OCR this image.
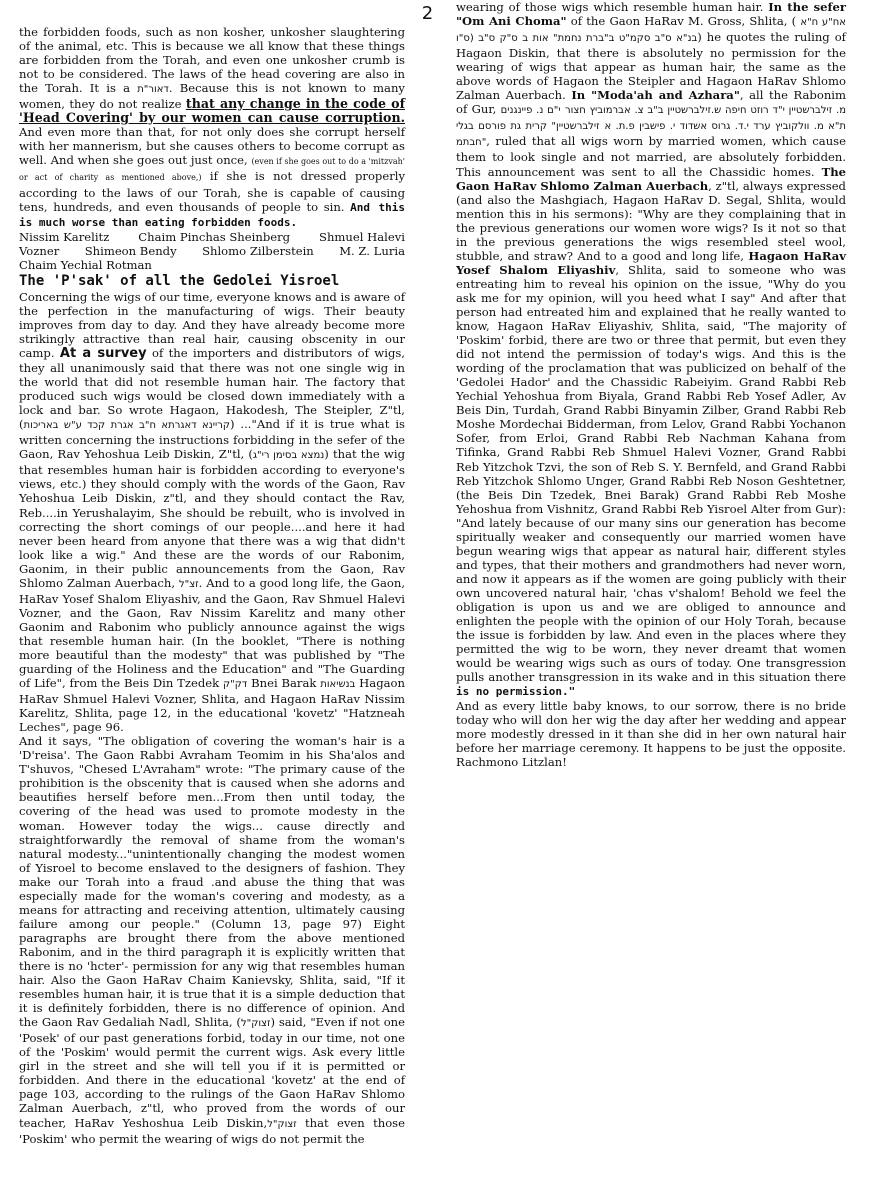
2

the forbidden foods, such as non kosher, unkosher slaughtering of the animal, etc. This is because we all know that these things are forbidden from the Torah, and even one unkosher crumb is not to be considered. The laws of the head covering are also in the Torah. It is a דאור"ת. Because this is not known to many women, they do not realize that any change in the code of 'Head Covering' by our women can cause corruption. And even more than that, for not only does she corrupt herself with her mannerism, but she causes others to become corrupt as well. And when she goes out just once, (even if she goes out to do a 'mitzvah' or act of charity as mentioned above,) if she is not dressed properly according to the laws of our Torah, she is capable of causing tens, hundreds, and even thousands of people to sin. And this is much worse than eating forbidden foods.

Nissim Karelitz Chaim Pinchas Sheinberg Shmuel Halevi
Vozner Shimeon Bendy Shlomo Zilberstein M. Z. Luria
Chaim Yechial Rotman
The 'P'sak' of all the Gedolei Yisroel

Concerning the wigs of our time, everyone knows and is aware of the perfection in the manufacturing of wigs. Their beauty improves from day to day. And they have already become more strikingly attractive than real hair, causing obscenity in our camp. At a survey of the importers and distributors of wigs, they all unanimously said that there was not one single wig in the world that did not resemble human hair. The factory that produced such wigs would be closed down immediately with a lock and bar. So wrote Hagaon, Hakodesh, The Steipler, Z"tl, (קריינא דאגרתא ח"ב אגרת קכד ע"ש באריכות) ..."And if it is true what is written concerning the instructions forbidding in the sefer of the Gaon, Rav Yehoshua Leib Diskin, Z"tl, (נמצא בסימן רי"ג) that the wig that resembles human hair is forbidden according to everyone's views, etc.) they should comply with the words of the Gaon, Rav Yehoshua Leib Diskin, z"tl, and they should contact the Rav, Reb....in Yerushalayim, She should be rebuilt, who is involved in correcting the short comings of our people....and here it had never been heard from anyone that there was a wig that didn't look like a wig." And these are the words of our Rabonim, Gaonim, in their public announcements from the Gaon, Rav Shlomo Zalman Auerbach, זצ"ל. And to a good long life, the Gaon, HaRav Yosef Shalom Eliyashiv, and the Gaon, Rav Shmuel Halevi Vozner, and the Gaon, Rav Nissim Karelitz and many other Gaonim and Rabonim who publicly announce against the wigs that resemble human hair. (In the booklet, "There is nothing more beautiful than the modesty" that was published by "The guarding of the Holiness and the Education" and "The Guarding of Life", from the Beis Din Tzedek דק"ק Bnei Barak בנשיאות Hagaon HaRav Shmuel Halevi Vozner, Shlita, and Hagaon HaRav Nissim Karelitz, Shlita, page 12, in the educational 'kovetz' "Hatzneah Leches", page 96.

And it says, "The obligation of covering the woman's hair is a 'D'reisa'. The Gaon Rabbi Avraham Teomim in his Sha'alos and T'shuvos, "Chesed L'Avraham" wrote: "The primary cause of the prohibition is the obscenity that is caused when she adorns and beautifies herself before men...From then until today, the covering of the head was used to promote modesty in the woman. However today the wigs... cause directly and straightforwardly the removal of shame from the woman's natural modesty..."unintentionally changing the modest women of Yisroel to become enslaved to the designers of fashion. They make our Torah into a fraud .and abuse the thing that was especially made for the woman's covering and modesty, as a means for attracting and receiving attention, ultimately causing failure among our people." (Column 13, page 97) Eight paragraphs are brought there from the above mentioned Rabonim, and in the third paragraph it is explicitly written that there is no 'hcter'- permission for any wig that resembles human hair. Also the Gaon HaRav Chaim Kanievsky, Shlita, said, "If it resembles human hair, it is true that it is a simple deduction that it is definitely forbidden, there is no difference of opinion. And the Gaon Rav Gedaliah Nadl, Shlita, (זצוק"ל) said, "Even if not one 'Posek' of our past generations forbid, today in our time, not one of the 'Poskim' would permit the current wigs. Ask every little girl in the street and she will tell you if it is permitted or forbidden. And there in the educational 'kovetz' at the end of page 103, according to the rulings of the Gaon HaRav Shlomo Zalman Auerbach, z"tl, who proved from the words of our teacher, HaRav Yeshoshua Leib Diskin,זצוק"ל that even those 'Poskim' who permit the wearing of wigs do not permit the

wearing of those wigs which resemble human hair. In the sefer "Om Ani Choma" of the Gaon HaRav M. Gross, Shlita, ( אח"ע ח"א ס"ו) בנ"א ס"ב סקמ"ט ב"ברת נחמת" אות ב ס"ק ס"ב) he quotes the ruling of Hagaon Diskin, that there is absolutely no permission for the wearing of wigs that appear as human hair, the same as the above words of Hagaon the Steipler and Hagaon HaRav Shlomo Zalman Auerbach. In "Moda'ah and Azhara", all the Rabonim of Gur,	מ. זילברשטיין י"ד רוזט חיפה ש.זילברשטיין ב"ב צ. אברמוביץ חצור י"ם נ. פיינגנים ת"א מ. וולקוביץ ערד י.ד. גרוס אשדוד י. פישבין פ.ת. א זילברשטיין" קרית גת פורסם בגלי חבתמ", ruled that all wigs worn by married women, which cause them to look single and not married, are absolutely forbidden. This announcement was sent to all the Chassidic homes. The Gaon HaRav Shlomo Zalman Auerbach, z"tl, always expressed (and also the Mashgiach, Hagaon HaRav D. Segal, Shlita, would mention this in his sermons): "Why are they complaining that in the previous generations our women wore wigs? Is it not so that in the previous generations the wigs resembled steel wool, stubble, and straw? And to a good and long life, Hagaon HaRav Yosef Shalom Eliyashiv, Shlita, said to someone who was entreating him to reveal his opinion on the issue, "Why do you ask me for my opinion, will you heed what I say" And after that person had entreated him and explained that he really wanted to know, Hagaon HaRav Eliyashiv, Shlita, said, "The majority of 'Poskim' forbid, there are two or three that permit, but even they did not intend the permission of today's wigs. And this is the wording of the proclamation that was publicized on behalf of the 'Gedolei Hador' and the Chassidic Rabeiyim. Grand Rabbi Reb Yechial Yehoshua from Biyala, Grand Rabbi Reb Yosef Adler, Av Beis Din, Turdah, Grand Rabbi Binyamin Zilber, Grand Rabbi Reb Moshe Mordechai Bidderman, from Lelov, Grand Rabbi Yochanon Sofer, from Erloi, Grand Rabbi Reb Nachman Kahana from Tifinka, Grand Rabbi Reb Shmuel Halevi Vozner, Grand Rabbi Reb Yitzchok Tzvi, the son of Reb S. Y. Bernfeld, and Grand Rabbi Reb Yitzchok Shlomo Unger, Grand Rabbi Reb Noson Geshtetner, (the Beis Din Tzedek, Bnei Barak) Grand Rabbi Reb Moshe Yehoshua from Vishnitz, Grand Rabbi Reb Yisroel Alter from Gur): "And lately because of our many sins our generation has become spiritually weaker and consequently our married women have begun wearing wigs that appear as natural hair, different styles and types, that their mothers and grandmothers had never worn, and now it appears as if the women are going publicly with their own uncovered natural hair, 'chas v'shalom! Behold we feel the obligation is upon us and we are obliged to announce and enlighten the people with the opinion of our Holy Torah, because the issue is forbidden by law. And even in the places where they permitted the wig to be worn, they never dreamt that women would be wearing wigs such as ours of today. One transgression pulls another transgression in its wake and in this situation there is no permission."

And as every little baby knows, to our sorrow, there is no bride today who will don her wig the day after her wedding and appear more modestly dressed in it than she did in her own natural hair before her marriage ceremony. It happens to be just the opposite. Rachmono Litzlan!
